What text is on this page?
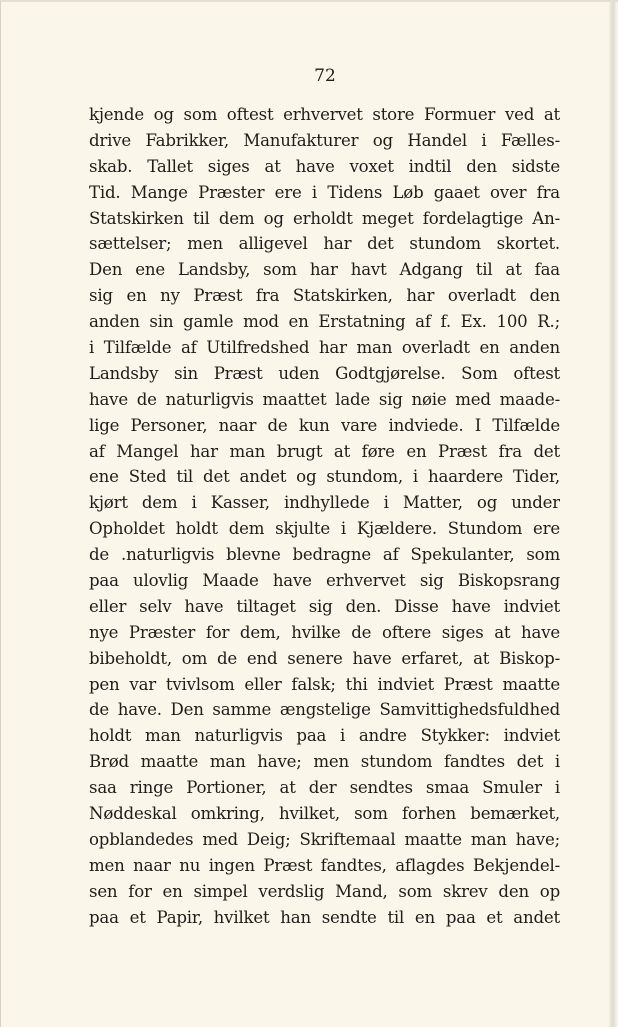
72

kjende og som oftest erhvervet store Formuer ved at
drive Fabrikker, Manufakturer og Handel i Fælles-
skab. Tallet siges at have voxet indtil den sidste
Tid. Mange Præster ere i Tidens Løb gaaet over fra
Statskirken til dem og erholdt meget fordelagtige An-
sættelser; men alligevel har det stundom skortet.
Den ene Landsby, som har havt Adgang til at faa
sig en ny Præst fra Statskirken, har overladt den
anden sin gamle mod en Erstatning af f. Ex. 100 R.;
i Tilfælde af Utilfredshed har man overladt en anden
Landsby sin Præst uden Godtgjørelse. Som oftest
have de naturligvis maattet lade sig nøie med maade-
lige Personer, naar de kun vare indviede. I Tilfælde
af Mangel har man brugt at føre en Præst fra det
ene Sted til det andet og stundom, i haardere Tider,
kjørt dem i Kasser, indhyllede i Matter, og under
Opholdet holdt dem skjulte i Kjældere. Stundom ere
de .naturligvis blevne bedragne af Spekulanter, som
paa ulovlig Maade have erhvervet sig Biskopsrang
eller selv have tiltaget sig den. Disse have indviet
nye Præster for dem, hvilke de oftere siges at have
bibeholdt, om de end senere have erfaret, at Biskop-
pen var tvivlsom eller falsk; thi indviet Præst maatte
de have. Den samme ængstelige Samvittighedsfuldhed
holdt man naturligvis paa i andre Stykker: indviet
Brød maatte man have; men stundom fandtes det i
saa ringe Portioner, at der sendtes smaa Smuler i
Nøddeskal omkring, hvilket, som forhen bemærket,
opblandedes med Deig; Skriftemaal maatte man have;
men naar nu ingen Præst fandtes, aflagdes Bekjendel-
sen for en simpel verdslig Mand, som skrev den op
paa et Papir, hvilket han sendte til en paa et andet
